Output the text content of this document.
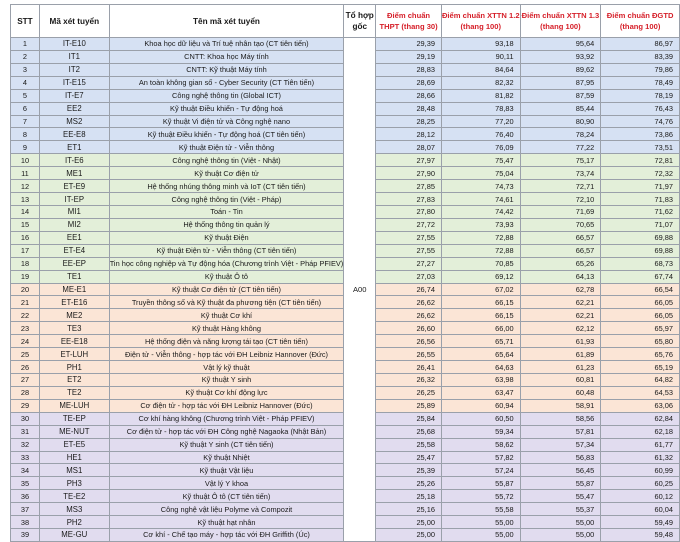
STT	Mã xét tuyển	Tên mã xét tuyển	Tổ hợp gốc	Điểm chuẩn THPT (thang 30)	Điểm chuẩn XTTN 1.2 (thang 100)	Điểm chuẩn XTTN 1.3 (thang 100)	Điểm chuẩn ĐGTD (thang 100)
1	IT-E10	Khoa học dữ liệu và Trí tuệ nhân tạo (CT tiên tiến)	A00	29,39	93,18	95,64	86,97
2	IT1	CNTT: Khoa học Máy tính		29,19	90,11	93,92	83,39
3	IT2	CNTT: Kỹ thuật Máy tính		28,83	84,64	89,62	79,86
4	IT-E15	An toàn không gian số - Cyber Security (CT Tiên tiến)		28,69	82,32	87,95	78,49
5	IT-E7	Công nghệ thông tin (Global ICT)		28,66	81,82	87,59	78,19
6	EE2	Kỹ thuật Điều khiển - Tự động hoá		28,48	78,83	85,44	76,43
7	MS2	Kỹ thuật Vi điện tử và Công nghệ nano		28,25	77,20	80,90	74,76
8	EE-E8	Kỹ thuật Điều khiển - Tự động hoá (CT tiên tiến)		28,12	76,40	78,24	73,86
9	ET1	Kỹ thuật Điện tử - Viễn thông		28,07	76,09	77,22	73,51
10	IT-E6	Công nghệ thông tin (Việt - Nhật)		27,97	75,47	75,17	72,81
11	ME1	Kỹ thuật Cơ điện tử		27,90	75,04	73,74	72,32
12	ET-E9	Hệ thống nhúng thông minh và IoT (CT tiên tiến)		27,85	74,73	72,71	71,97
13	IT-EP	Công nghệ thông tin (Việt - Pháp)		27,83	74,61	72,10	71,83
14	MI1	Toán - Tin		27,80	74,42	71,69	71,62
15	MI2	Hệ thống thông tin quản lý		27,72	73,93	70,65	71,07
16	EE1	Kỹ thuật Điện		27,55	72,88	66,57	69,88
17	ET-E4	Kỹ thuật Điện tử - Viễn thông (CT tiên tiến)		27,55	72,88	66,57	69,88
18	EE-EP	Tin học công nghiệp và Tự động hóa (Chương trình Việt - Pháp PFIEV)		27,27	70,85	65,26	68,73
19	TE1	Kỹ thuật Ô tô		27,03	69,12	64,13	67,74
20	ME-E1	Kỹ thuật Cơ điện tử (CT tiên tiến)		26,74	67,02	62,78	66,54
21	ET-E16	Truyền thông số và Kỹ thuật đa phương tiện (CT tiên tiến)		26,62	66,15	62,21	66,05
22	ME2	Kỹ thuật Cơ khí		26,62	66,15	62,21	66,05
23	TE3	Kỹ thuật Hàng không		26,60	66,00	62,12	65,97
24	EE-E18	Hệ thống điện và năng lượng tái tạo (CT tiên tiến)		26,56	65,71	61,93	65,80
25	ET-LUH	Điện tử - Viễn thông - hợp tác với ĐH Leibniz Hannover (Đức)		26,55	65,64	61,89	65,76
26	PH1	Vật lý kỹ thuật		26,41	64,63	61,23	65,19
27	ET2	Kỹ thuật Y sinh		26,32	63,98	60,81	64,82
28	TE2	Kỹ thuật Cơ khí động lực		26,25	63,47	60,48	64,53
29	ME-LUH	Cơ điện tử - hợp tác với ĐH Leibniz Hannover (Đức)		25,89	60,94	58,91	63,06
30	TE-EP	Cơ khí hàng không (Chương trình Việt - Pháp PFIEV)		25,84	60,50	58,56	62,84
31	ME-NUT	Cơ điện tử - hợp tác với ĐH Công nghệ Nagaoka (Nhật Bản)		25,68	59,34	57,81	62,18
32	ET-E5	Kỹ thuật Y sinh (CT tiên tiến)		25,58	58,62	57,34	61,77
33	HE1	Kỹ thuật Nhiệt		25,47	57,82	56,83	61,32
34	MS1	Kỹ thuật Vật liệu		25,39	57,24	56,45	60,99
35	PH3	Vật lý Y khoa		25,26	55,87	55,87	60,25
36	TE-E2	Kỹ thuật Ô tô (CT tiên tiến)		25,18	55,72	55,47	60,12
37	MS3	Công nghệ vật liệu Polyme và Compozit		25,16	55,58	55,37	60,04
38	PH2	Kỹ thuật hạt nhân		25,00	55,00	55,00	59,49
39	ME-GU	Cơ khí - Chế tạo máy - hợp tác với ĐH Griffith (Úc)		25,00	55,00	55,00	59,48
